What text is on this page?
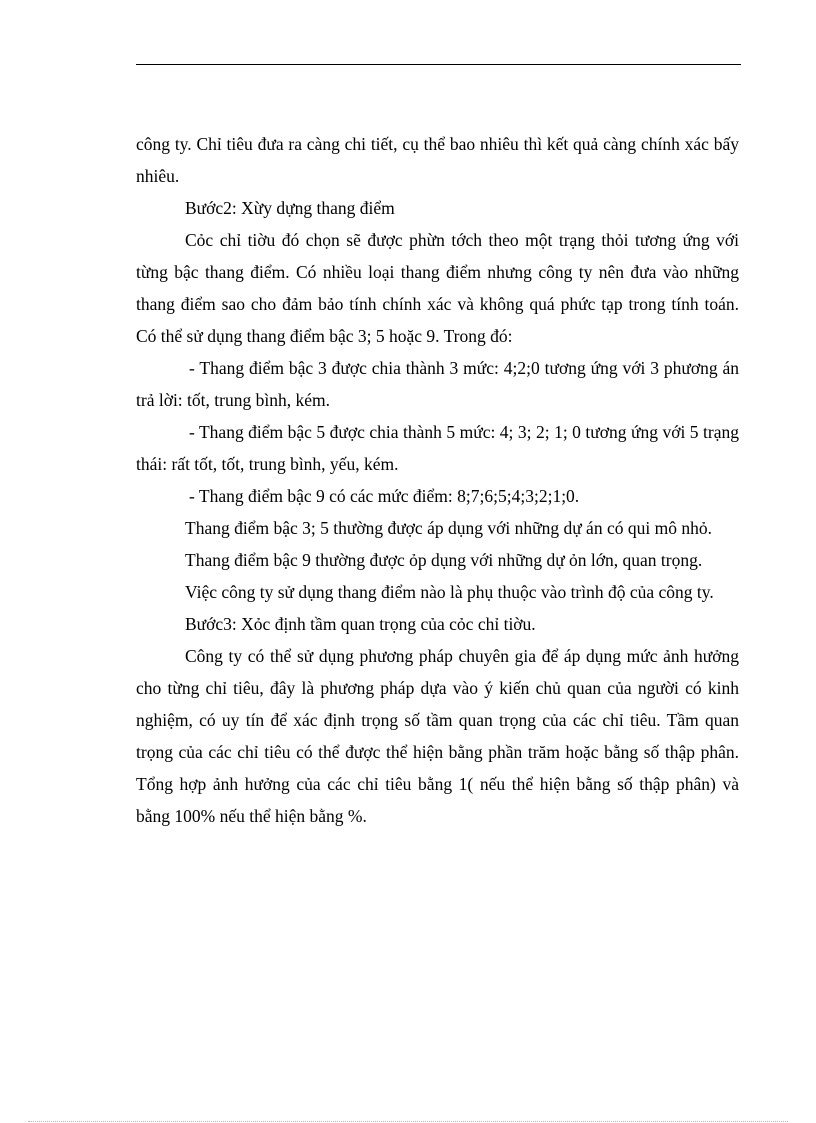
công ty. Chỉ tiêu đưa ra càng chi tiết, cụ thể bao nhiêu thì kết quả càng chính xác bấy nhiêu.

Bước2: Xừy dựng thang điểm

Cỏc chỉ tiờu đó chọn sẽ được phừn tớch theo một trạng thỏi tương ứng với từng bậc thang điểm. Có nhiều loại thang điểm nhưng công ty nên đưa vào những thang điểm sao cho đảm bảo tính chính xác và không quá phức tạp trong tính toán. Có thể sử dụng thang điểm bậc 3; 5 hoặc 9. Trong đó:

- Thang điểm bậc 3 được chia thành 3 mức: 4;2;0 tương ứng với 3 phương án trả lời: tốt, trung bình, kém.

- Thang điểm bậc 5 được chia thành 5 mức: 4; 3; 2; 1; 0 tương ứng với 5 trạng thái: rất tốt, tốt, trung bình, yếu, kém.

- Thang điểm bậc 9 có các mức điểm: 8;7;6;5;4;3;2;1;0.

Thang điểm bậc 3; 5 thường được áp dụng với những dự án có qui mô nhỏ.

Thang điểm bậc 9 thường được ỏp dụng với những dự ỏn lớn, quan trọng.

Việc công ty sử dụng thang điểm nào là phụ thuộc vào trình độ của công ty.

Bước3: Xỏc định tầm quan trọng của cỏc chỉ tiờu.

Công ty có thể sử dụng phương pháp chuyên gia để áp dụng mức ảnh hưởng cho từng chỉ tiêu, đây là phương pháp dựa vào ý kiến chủ quan của người có kinh nghiệm, có uy tín để xác định trọng số tầm quan trọng của các chỉ tiêu. Tầm quan trọng của các chỉ tiêu có thể được thể hiện bằng phần trăm hoặc bằng số thập phân. Tổng hợp ảnh hưởng của các chỉ tiêu bằng 1( nếu thể hiện bằng số thập phân) và bằng 100% nếu thể hiện bằng %.
